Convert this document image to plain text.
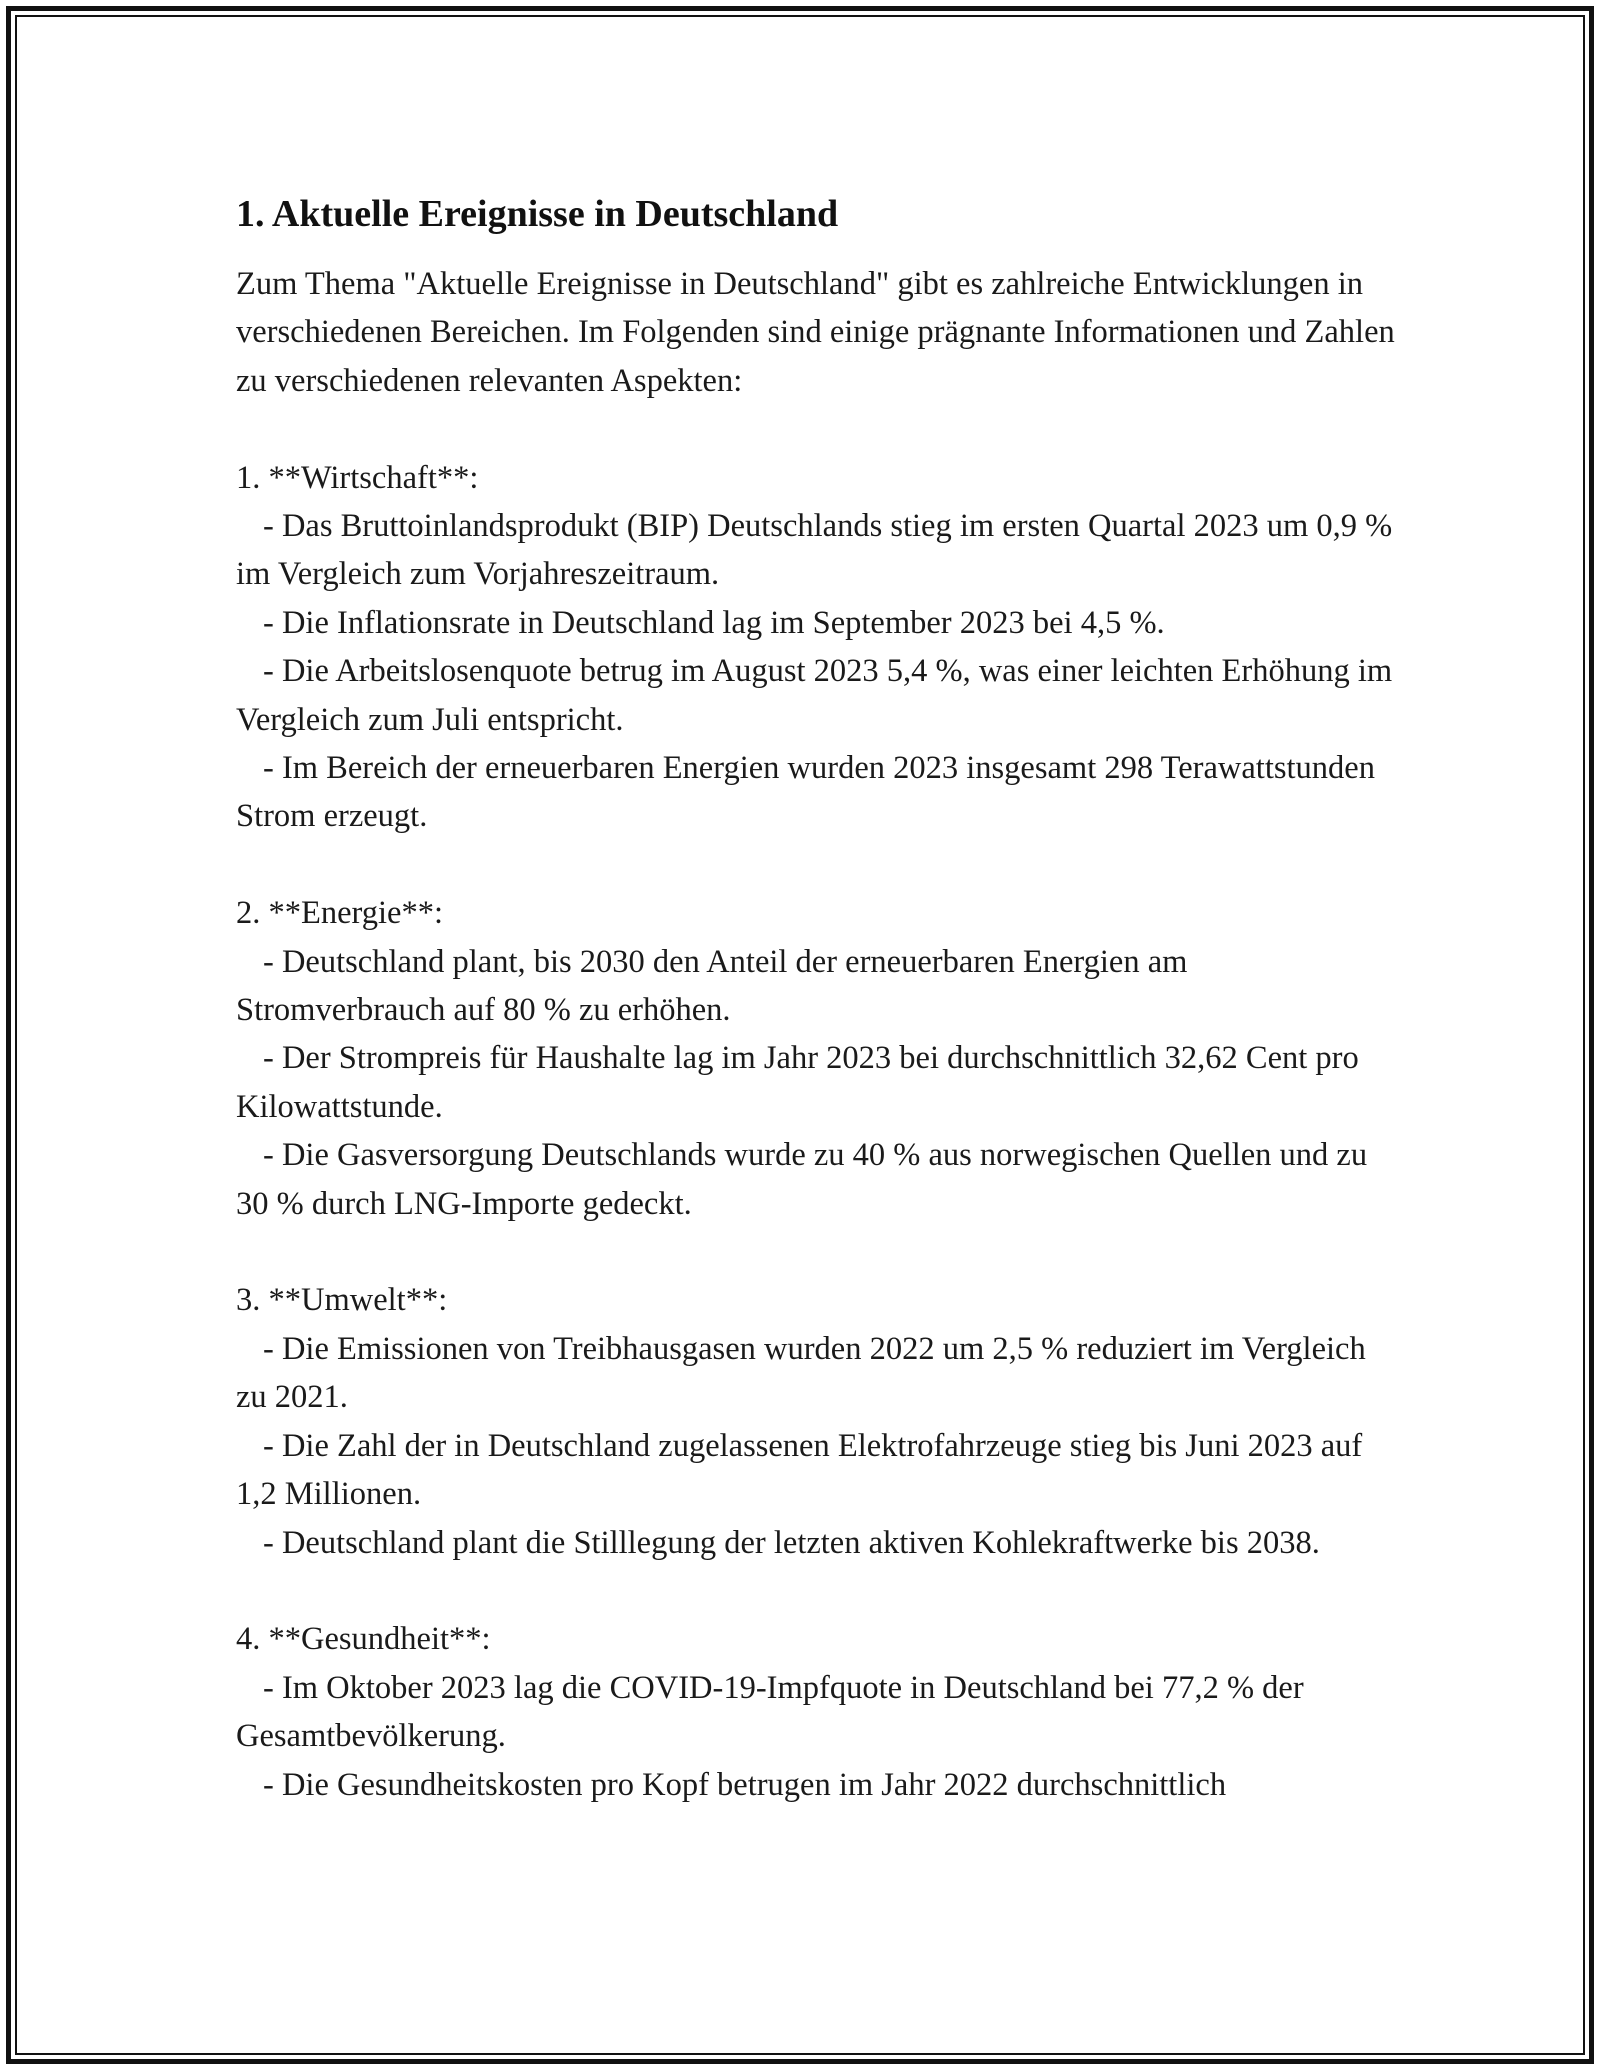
1. Aktuelle Ereignisse in Deutschland

Zum Thema "Aktuelle Ereignisse in Deutschland" gibt es zahlreiche Entwicklungen in verschiedenen Bereichen. Im Folgenden sind einige prägnante Informationen und Zahlen zu verschiedenen relevanten Aspekten:

1. **Wirtschaft**:

- Das Bruttoinlandsprodukt (BIP) Deutschlands stieg im ersten Quartal 2023 um 0,9 % im Vergleich zum Vorjahreszeitraum.

- Die Inflationsrate in Deutschland lag im September 2023 bei 4,5 %.

- Die Arbeitslosenquote betrug im August 2023 5,4 %, was einer leichten Erhöhung im Vergleich zum Juli entspricht.

- Im Bereich der erneuerbaren Energien wurden 2023 insgesamt 298 Terawattstunden Strom erzeugt.

2. **Energie**:

- Deutschland plant, bis 2030 den Anteil der erneuerbaren Energien am Stromverbrauch auf 80 % zu erhöhen.

- Der Strompreis für Haushalte lag im Jahr 2023 bei durchschnittlich 32,62 Cent pro Kilowattstunde.

- Die Gasversorgung Deutschlands wurde zu 40 % aus norwegischen Quellen und zu 30 % durch LNG-Importe gedeckt.

3. **Umwelt**:

- Die Emissionen von Treibhausgasen wurden 2022 um 2,5 % reduziert im Vergleich zu 2021.

- Die Zahl der in Deutschland zugelassenen Elektrofahrzeuge stieg bis Juni 2023 auf 1,2 Millionen.

- Deutschland plant die Stilllegung der letzten aktiven Kohlekraftwerke bis 2038.

4. **Gesundheit**:

- Im Oktober 2023 lag die COVID-19-Impfquote in Deutschland bei 77,2 % der Gesamtbevölkerung.

- Die Gesundheitskosten pro Kopf betrugen im Jahr 2022 durchschnittlich
